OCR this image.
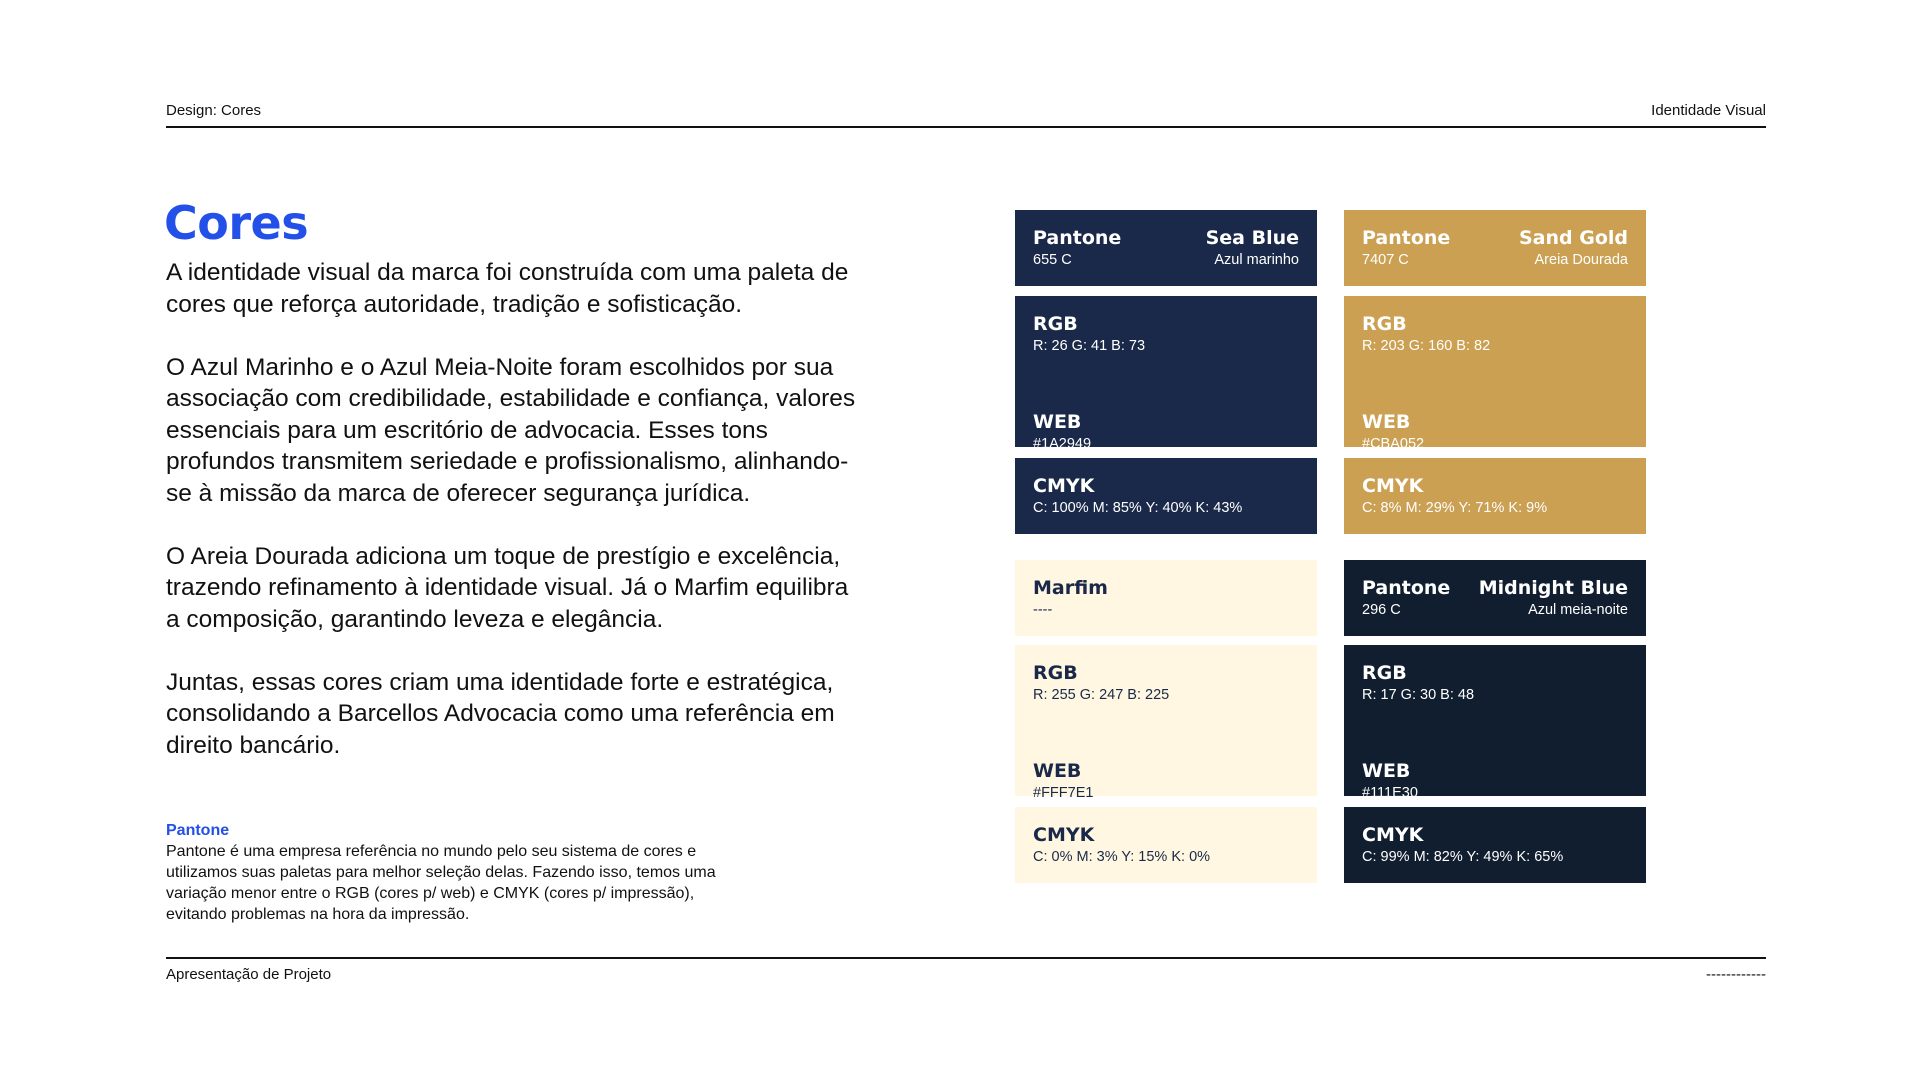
Design: Cores	Identidade Visual
Cores

A identidade visual da marca foi construída com uma paleta de cores que reforça autoridade, tradição e sofisticação.

O Azul Marinho e o Azul Meia-Noite foram escolhidos por sua associação com credibilidade, estabilidade e confiança, valores essenciais para um escritório de advocacia. Esses tons profundos transmitem seriedade e profissionalismo, alinhando-se à missão da marca de oferecer segurança jurídica.

O Areia Dourada adiciona um toque de prestígio e excelência, trazendo refinamento à identidade visual. Já o Marfim equilibra a composição, garantindo leveza e elegância.

Juntas, essas cores criam uma identidade forte e estratégica, consolidando a Barcellos Advocacia como uma referência em direito bancário.

Pantone
Pantone é uma empresa referência no mundo pelo seu sistema de cores e utilizamos suas paletas para melhor seleção delas. Fazendo isso, temos uma variação menor entre o RGB (cores p/ web) e CMYK (cores p/ impressão), evitando problemas na hora da impressão.
Pantone
655 C
Sea Blue
Azul marinho
RGB
R: 26 G: 41 B: 73
WEB
#1A2949
CMYK
C: 100% M: 85% Y: 40% K: 43%
Pantone
7407 C
Sand Gold
Areia Dourada
RGB
R: 203 G: 160 B: 82
WEB
#CBA052
CMYK
C: 8% M: 29% Y: 71% K: 9%
Marfim
----
RGB
R: 255 G: 247 B: 225
WEB
#FFF7E1
CMYK
C: 0% M: 3% Y: 15% K: 0%
Pantone
296 C
Midnight Blue
Azul meia-noite
RGB
R: 17 G: 30 B: 48
WEB
#111E30
CMYK
C: 99% M: 82% Y: 49% K: 65%
Apresentação de Projeto	------------
